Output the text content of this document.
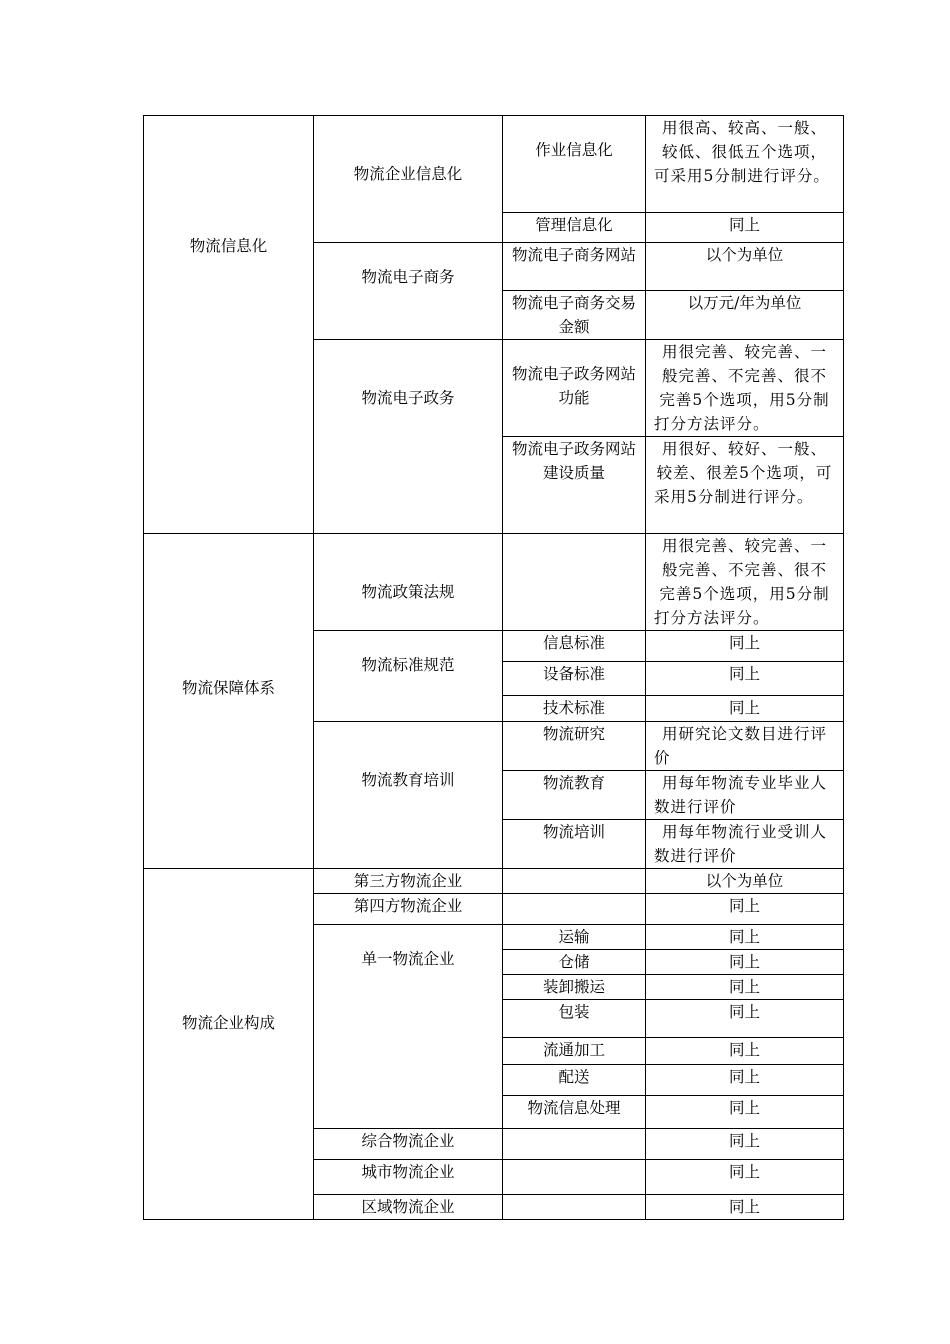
物流信息化	物流企业信息化	作业信息化	用很高、较高、一般、较低、很低五个选项，可采用5分制进行评分。
		管理信息化	同上
	物流电子商务	物流电子商务网站	以个为单位
		物流电子商务交易金额	以万元/年为单位
	物流电子政务	物流电子政务网站功能	用很完善、较完善、一般完善、不完善、很不完善5个选项，用5分制打分方法评分。
		物流电子政务网站建设质量	用很好、较好、一般、较差、很差5个选项，可采用5分制进行评分。
物流保障体系	物流政策法规		用很完善、较完善、一般完善、不完善、很不完善5个选项，用5分制打分方法评分。
	物流标准规范	信息标准	同上
		设备标准	同上
		技术标准	同上
	物流教育培训	物流研究	用研究论文数目进行评价
		物流教育	用每年物流专业毕业人数进行评价
		物流培训	用每年物流行业受训人数进行评价
物流企业构成	第三方物流企业		以个为单位
	第四方物流企业		同上
	单一物流企业	运输	同上
		仓储	同上
		装卸搬运	同上
		包装	同上
		流通加工	同上
		配送	同上
		物流信息处理	同上
	综合物流企业		同上
	城市物流企业		同上
	区域物流企业		同上
